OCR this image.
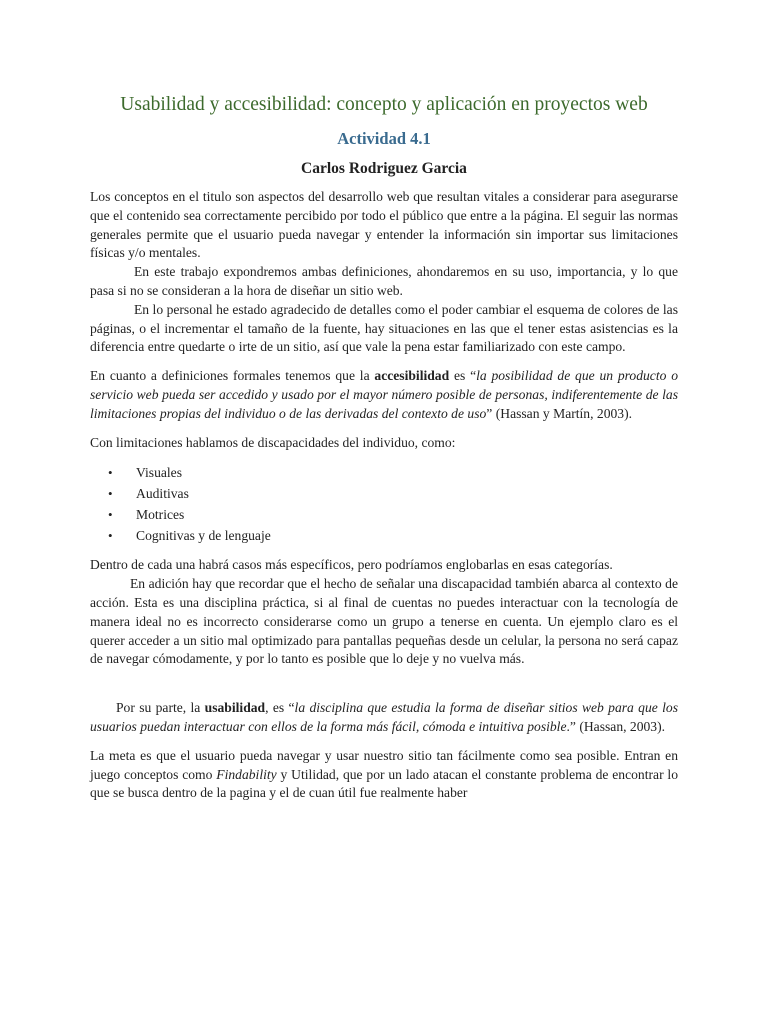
Usabilidad y accesibilidad: concepto y aplicación en proyectos web
Actividad 4.1
Carlos Rodriguez Garcia

Los conceptos en el titulo son aspectos del desarrollo web que resultan vitales a considerar para asegurarse que el contenido sea correctamente percibido por todo el público que entre a la página. El seguir las normas generales permite que el usuario pueda navegar y entender la información sin importar sus limitaciones físicas y/o mentales.

En este trabajo expondremos ambas definiciones, ahondaremos en su uso, importancia, y lo que pasa si no se consideran a la hora de diseñar un sitio web.

En lo personal he estado agradecido de detalles como el poder cambiar el esquema de colores de las páginas, o el incrementar el tamaño de la fuente, hay situaciones en las que el tener estas asistencias es la diferencia entre quedarte o irte de un sitio, así que vale la pena estar familiarizado con este campo.

En cuanto a definiciones formales tenemos que la accesibilidad es “la posibilidad de que un producto o servicio web pueda ser accedido y usado por el mayor número posible de personas, indiferentemente de las limitaciones propias del individuo o de las derivadas del contexto de uso” (Hassan y Martín, 2003).

Con limitaciones hablamos de discapacidades del individuo, como:

• Visuales
• Auditivas
• Motrices
• Cognitivas y de lenguaje

Dentro de cada una habrá casos más específicos, pero podríamos englobarlas en esas categorías.

En adición hay que recordar que el hecho de señalar una discapacidad también abarca al contexto de acción. Esta es una disciplina práctica, si al final de cuentas no puedes interactuar con la tecnología de manera ideal no es incorrecto considerarse como un grupo a tenerse en cuenta. Un ejemplo claro es el querer acceder a un sitio mal optimizado para pantallas pequeñas desde un celular, la persona no será capaz de navegar cómodamente, y por lo tanto es posible que lo deje y no vuelva más.

Por su parte, la usabilidad, es “la disciplina que estudia la forma de diseñar sitios web para que los usuarios puedan interactuar con ellos de la forma más fácil, cómoda e intuitiva posible.” (Hassan, 2003).

La meta es que el usuario pueda navegar y usar nuestro sitio tan fácilmente como sea posible. Entran en juego conceptos como Findability y Utilidad, que por un lado atacan el constante problema de encontrar lo que se busca dentro de la pagina y el de cuan útil fue realmente haber
